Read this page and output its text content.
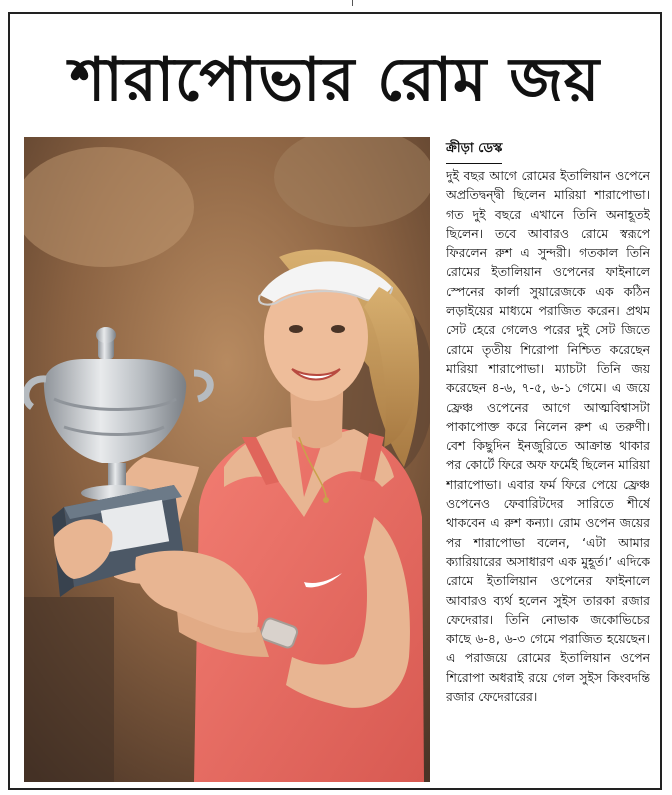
শারাপোভার রোম জয়
ক্রীড়া ডেস্ক

দুই বছর আগে রোমের ইতালিয়ান ওপেনে অপ্রতিদ্বন্দ্বী ছিলেন মারিয়া শারাপোভা। গত দুই বছরে এখানে তিনি অনাহূতই ছিলেন। তবে আবারও রোমে স্বরূপে ফিরলেন রুশ এ সুন্দরী। গতকাল তিনি রোমের ইতালিয়ান ওপেনের ফাইনালে স্পেনের কার্লা সুয়ারেজকে এক কঠিন লড়াইয়ের মাধ্যমে পরাজিত করেন। প্রথম সেট হেরে গেলেও পরের দুই সেট জিতে রোমে তৃতীয় শিরোপা নিশ্চিত করেছেন মারিয়া শারাপোভা। ম্যাচটা তিনি জয় করেছেন ৪-৬, ৭-৫, ৬-১ গেমে। এ জয়ে ফ্রেঞ্চ ওপেনের আগে আত্মবিশ্বাসটা পাকাপোক্ত করে নিলেন রুশ এ তরুণী। বেশ কিছুদিন ইনজুরিতে আক্রান্ত থাকার পর কোর্টে ফিরে অফ ফর্মেই ছিলেন মারিয়া শারাপোভা। এবার ফর্ম ফিরে পেয়ে ফ্রেঞ্চ ওপেনেও ফেবারিটদের সারিতে শীর্ষে থাকবেন এ রুশ কন্যা। রোম ওপেন জয়ের পর শারাপোভা বলেন, ‘এটা আমার ক্যারিয়ারের অসাধারণ এক মুহূর্ত।’ এদিকে রোমে ইতালিয়ান ওপেনের ফাইনালে আবারও ব্যর্থ হলেন সুইস তারকা রজার ফেদেরার। তিনি নোভাক জকোভিচের কাছে ৬-৪, ৬-৩ গেমে পরাজিত হয়েছেন। এ পরাজয়ে রোমের ইতালিয়ান ওপেন শিরোপা অধরাই রয়ে গেল সুইস কিংবদন্তি রজার ফেদেরারের।
